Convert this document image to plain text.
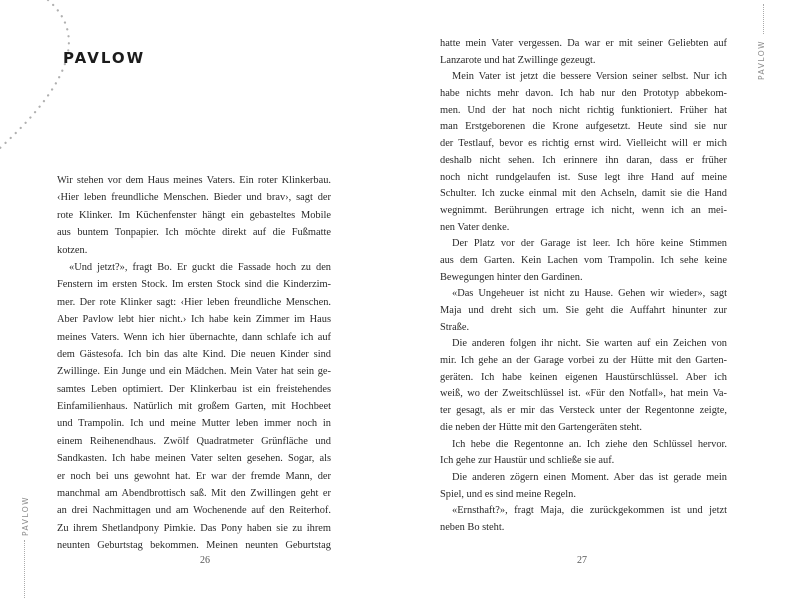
PAVLOW
Wir stehen vor dem Haus meines Vaters. Ein roter Klinkerbau.
‹Hier leben freundliche Menschen. Bieder und brav›, sagt der
rote Klinker. Im Küchenfenster hängt ein gebasteltes Mobile
aus buntem Tonpapier. Ich möchte direkt auf die Fußmatte
kotzen.
«Und jetzt?», fragt Bo. Er guckt die Fassade hoch zu den
Fenstern im ersten Stock. Im ersten Stock sind die Kinderzim-
mer. Der rote Klinker sagt: ‹Hier leben freundliche Menschen.
Aber Pavlow lebt hier nicht.› Ich habe kein Zimmer im Haus
meines Vaters. Wenn ich hier übernachte, dann schlafe ich auf
dem Gästesofa. Ich bin das alte Kind. Die neuen Kinder sind
Zwillinge. Ein Junge und ein Mädchen. Mein Vater hat sein ge-
samtes Leben optimiert. Der Klinkerbau ist ein freistehendes
Einfamilienhaus. Natürlich mit großem Garten, mit Hochbeet
und Trampolin. Ich und meine Mutter leben immer noch in
einem Reihenendhaus. Zwölf Quadratmeter Grünfläche und
Sandkasten. Ich habe meinen Vater selten gesehen. Sogar, als
er noch bei uns gewohnt hat. Er war der fremde Mann, der
manchmal am Abendbrottisch saß. Mit den Zwillingen geht er
an drei Nachmittagen und am Wochenende auf den Reiterhof.
Zu ihrem Shetlandpony Pimkie. Das Pony haben sie zu ihrem
neunten Geburtstag bekommen. Meinen neunten Geburtstag
26
PAVLOW
hatte mein Vater vergessen. Da war er mit seiner Geliebten auf
Lanzarote und hat Zwillinge gezeugt.
Mein Vater ist jetzt die bessere Version seiner selbst. Nur ich
habe nichts mehr davon. Ich hab nur den Prototyp abbekom-
men. Und der hat noch nicht richtig funktioniert. Früher hat
man Erstgeborenen die Krone aufgesetzt. Heute sind sie nur
der Testlauf, bevor es richtig ernst wird. Vielleicht will er mich
deshalb nicht sehen. Ich erinnere ihn daran, dass er früher
noch nicht rundgelaufen ist. Suse legt ihre Hand auf meine
Schulter. Ich zucke einmal mit den Achseln, damit sie die Hand
wegnimmt. Berührungen ertrage ich nicht, wenn ich an mei-
nen Vater denke.
Der Platz vor der Garage ist leer. Ich höre keine Stimmen
aus dem Garten. Kein Lachen vom Trampolin. Ich sehe keine
Bewegungen hinter den Gardinen.
«Das Ungeheuer ist nicht zu Hause. Gehen wir wieder», sagt
Maja und dreht sich um. Sie geht die Auffahrt hinunter zur
Straße.
Die anderen folgen ihr nicht. Sie warten auf ein Zeichen von
mir. Ich gehe an der Garage vorbei zu der Hütte mit den Garten-
geräten. Ich habe keinen eigenen Haustürschlüssel. Aber ich
weiß, wo der Zweitschlüssel ist. «Für den Notfall», hat mein Va-
ter gesagt, als er mir das Versteck unter der Regentonne zeigte,
die neben der Hütte mit den Gartengeräten steht.
Ich hebe die Regentonne an. Ich ziehe den Schlüssel hervor.
Ich gehe zur Haustür und schließe sie auf.
Die anderen zögern einen Moment. Aber das ist gerade mein
Spiel, und es sind meine Regeln.
«Ernsthaft?», fragt Maja, die zurückgekommen ist und jetzt
neben Bo steht.
27
PAVLOW
